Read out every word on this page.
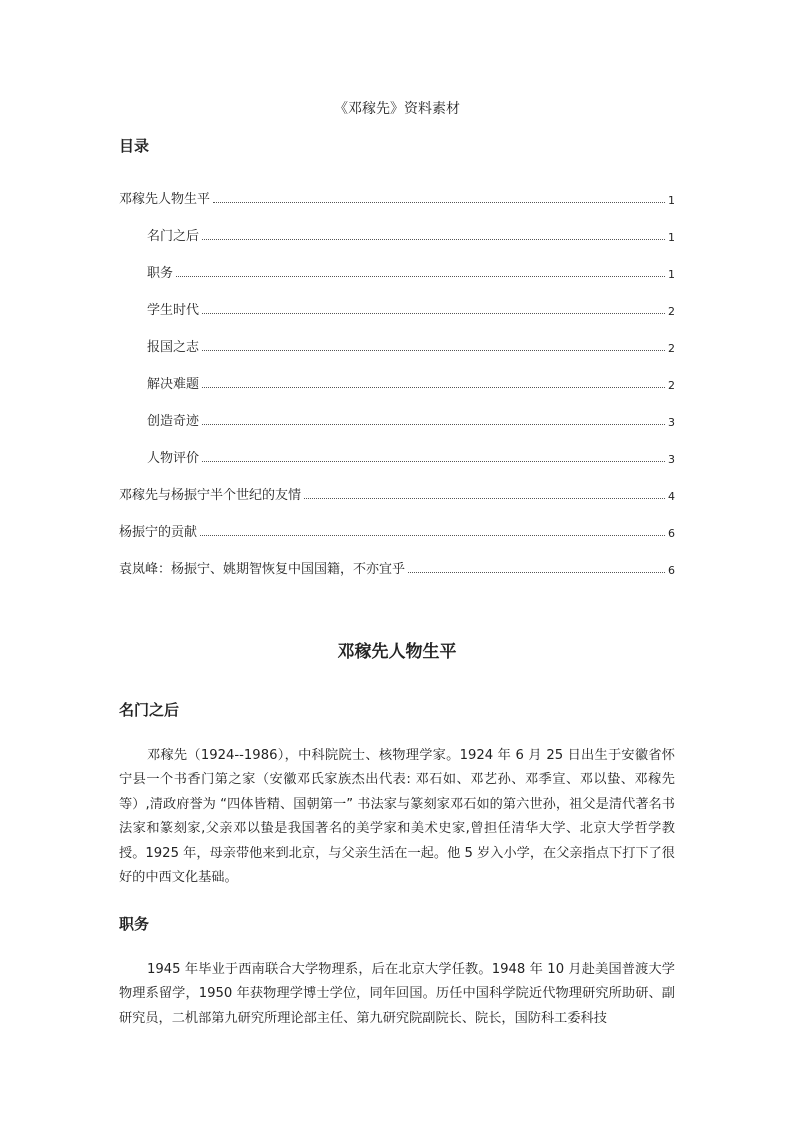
《邓稼先》资料素材
目录
邓稼先人物生平	1
名门之后	1
职务	1
学生时代	2
报国之志	2
解决难题	2
创造奇迹	3
人物评价	3
邓稼先与杨振宁半个世纪的友情	4
杨振宁的贡献	6
袁岚峰：杨振宁、姚期智恢复中国国籍，不亦宜乎	6
邓稼先人物生平
名门之后
邓稼先（1924--1986），中科院院士、核物理学家。1924 年 6 月 25 日出生于安徽省怀宁县一个书香门第之家（安徽邓氏家族杰出代表: 邓石如、邓艺孙、邓季宣、邓以蛰、邓稼先等）,清政府誉为 “四体皆精、国朝第一” 书法家与篆刻家邓石如的第六世孙，祖父是清代著名书法家和篆刻家,父亲邓以蛰是我国著名的美学家和美术史家,曾担任清华大学、北京大学哲学教授。1925 年，母亲带他来到北京，与父亲生活在一起。他 5 岁入小学，在父亲指点下打下了很好的中西文化基础。
职务
1945 年毕业于西南联合大学物理系，后在北京大学任教。1948 年 10 月赴美国普渡大学物理系留学，1950 年获物理学博士学位，同年回国。历任中国科学院近代物理研究所助研、副研究员，二机部第九研究所理论部主任、第九研究院副院长、院长，国防科工委科技
